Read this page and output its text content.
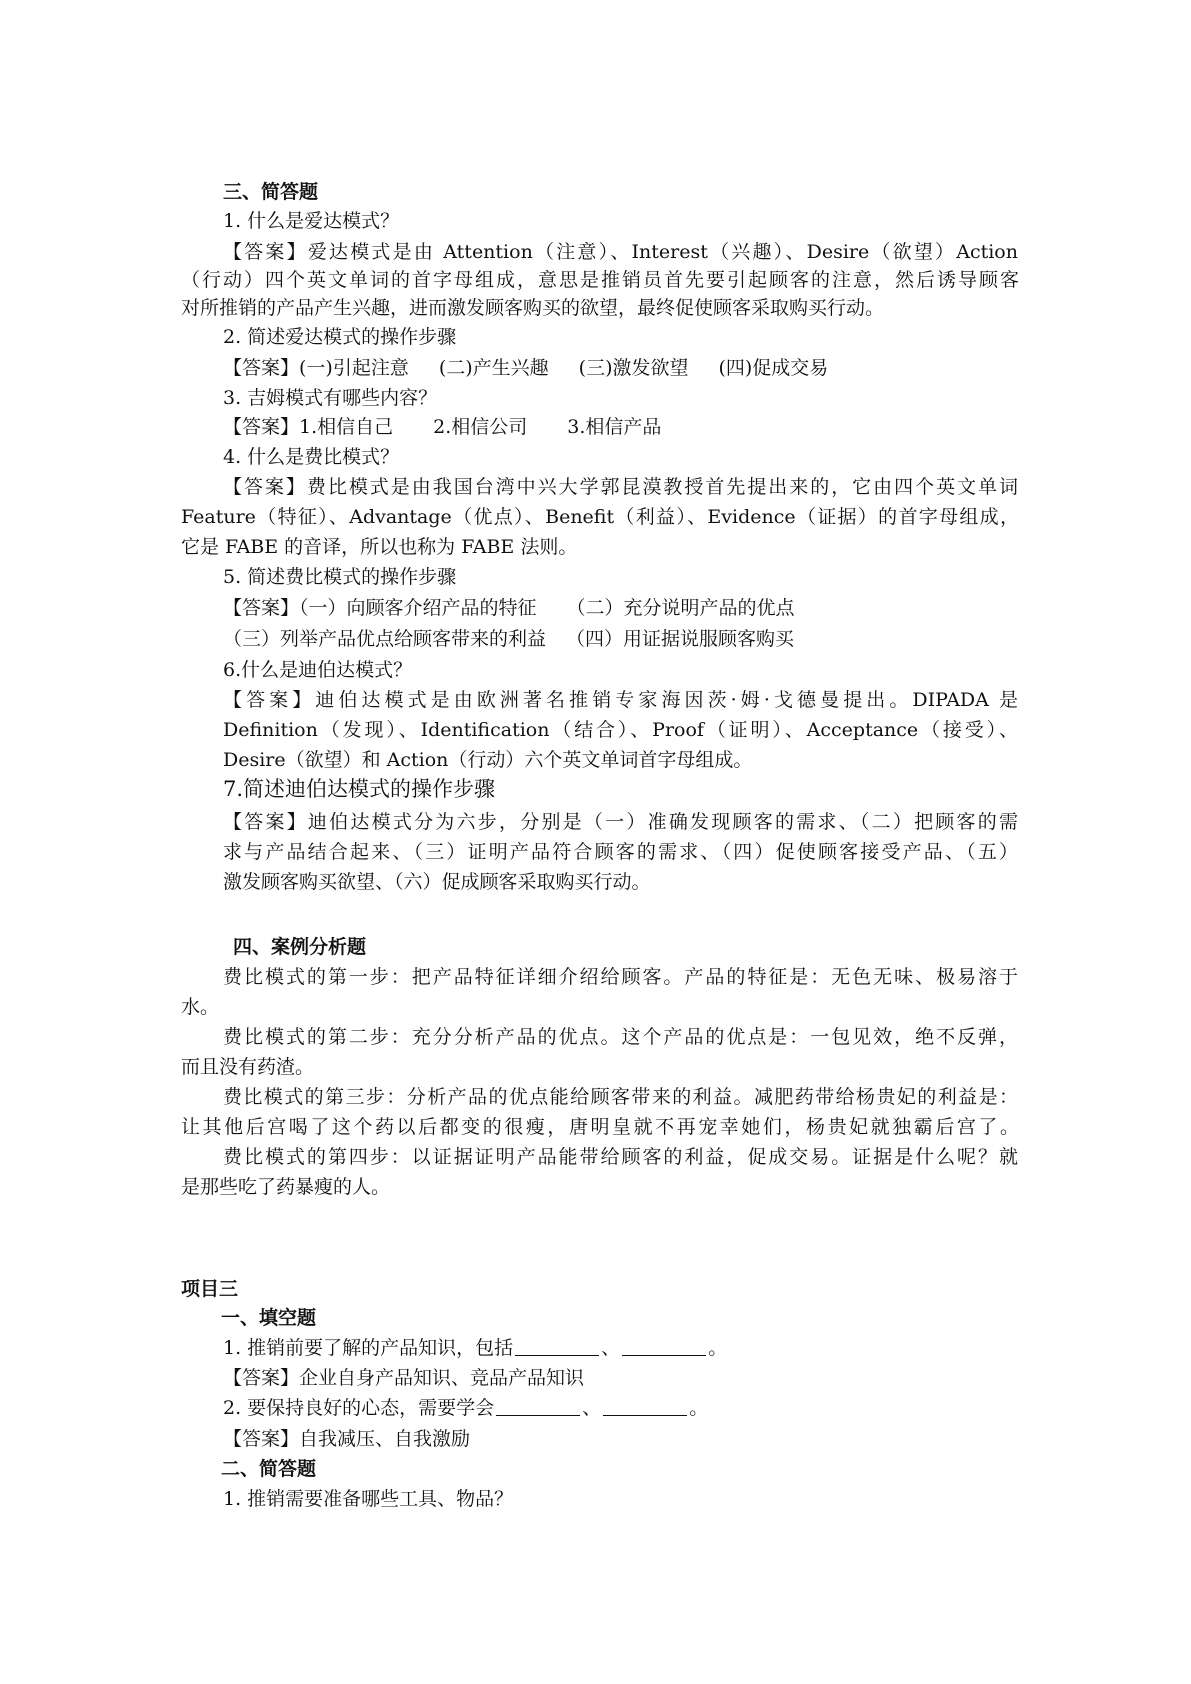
三、简答题
1. 什么是爱达模式？
【答案】爱达模式是由 Attention（注意）、Interest（兴趣）、Desire（欲望）Action
（行动）四个英文单词的首字母组成，意思是推销员首先要引起顾客的注意，然后诱导顾客
对所推销的产品产生兴趣，进而激发顾客购买的欲望，最终促使顾客采取购买行动。
2. 简述爱达模式的操作步骤
【答案】(一)引起注意 (二)产生兴趣 (三)激发欲望 (四)促成交易
3. 吉姆模式有哪些内容？
【答案】1.相信自己 2.相信公司 3.相信产品
4. 什么是费比模式？
【答案】费比模式是由我国台湾中兴大学郭昆漠教授首先提出来的，它由四个英文单词
Feature（特征）、Advantage（优点）、Benefit（利益）、Evidence（证据）的首字母组成，
它是 FABE 的音译，所以也称为 FABE 法则。
5. 简述费比模式的操作步骤
【答案】（一）向顾客介绍产品的特征 （二）充分说明产品的优点
（三）列举产品优点给顾客带来的利益 （四）用证据说服顾客购买
6.什么是迪伯达模式？
【答案】迪伯达模式是由欧洲著名推销专家海因茨·姆·戈德曼提出。DIPADA 是
Definition（发现）、Identification（结合）、Proof（证明）、Acceptance（接受）、
Desire（欲望）和 Action（行动）六个英文单词首字母组成。
7.简述迪伯达模式的操作步骤
【答案】迪伯达模式分为六步，分别是（一）准确发现顾客的需求、（二）把顾客的需
求与产品结合起来、（三）证明产品符合顾客的需求、（四）促使顾客接受产品、（五）
激发顾客购买欲望、（六）促成顾客采取购买行动。
四、案例分析题
费比模式的第一步：把产品特征详细介绍给顾客。产品的特征是：无色无味、极易溶于
水。
费比模式的第二步：充分分析产品的优点。这个产品的优点是：一包见效，绝不反弹，
而且没有药渣。
费比模式的第三步：分析产品的优点能给顾客带来的利益。减肥药带给杨贵妃的利益是：
让其他后宫喝了这个药以后都变的很瘦，唐明皇就不再宠幸她们，杨贵妃就独霸后宫了。
费比模式的第四步：以证据证明产品能带给顾客的利益，促成交易。证据是什么呢？就
是那些吃了药暴瘦的人。
项目三
一、填空题
1. 推销前要了解的产品知识，包括	、	。
【答案】企业自身产品知识、竞品产品知识
2. 要保持良好的心态，需要学会	、	。
【答案】自我减压、自我激励
二、简答题
1. 推销需要准备哪些工具、物品？
